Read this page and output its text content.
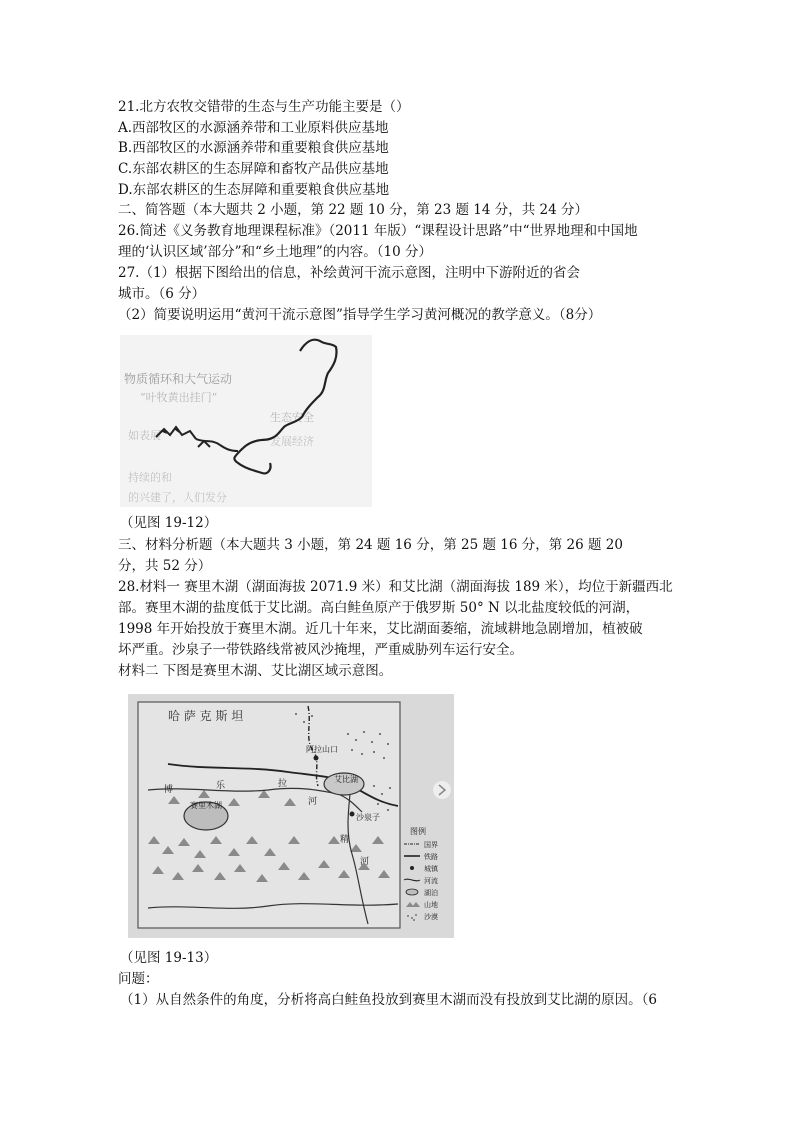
21.北方农牧交错带的生态与生产功能主要是（）
A.西部牧区的水源涵养带和工业原料供应基地
B.西部牧区的水源涵养带和重要粮食供应基地
C.东部农耕区的生态屏障和畜牧产品供应基地
D.东部农耕区的生态屏障和重要粮食供应基地
二、简答题（本大题共 2 小题，第 22 题 10 分，第 23 题 14 分，共 24 分）
26.简述《义务教育地理课程标准》（2011 年版）“课程设计思路”中“世界地理和中国地
理的‘认识区域’部分”和“乡土地理”的内容。（10 分）
27.（1）根据下图给出的信息，补绘黄河干流示意图，注明中下游附近的省会
城市。（6 分）
（2）简要说明运用“黄河干流示意图”指导学生学习黄河概况的教学意义。（8分）
物质循环和大气运动
“叶牧黄出挂门”
生态安全
如表展	发展经济
持续的和
的兴建了，人们发分
（见图 19-12）
三、材料分析题（本大题共 3 小题，第 24 题 16 分，第 25 题 16 分，第 26 题 20
分，共 52 分）
28.材料一 赛里木湖（湖面海拔 2071.9 米）和艾比湖（湖面海拔 189 米），均位于新疆西北
部。赛里木湖的盐度低于艾比湖。高白鲑鱼原产于俄罗斯 50° N 以北盐度较低的河湖，
1998 年开始投放于赛里木湖。近几十年来，艾比湖面萎缩，流域耕地急剧增加，植被破
坏严重。沙泉子一带铁路线常被风沙掩埋，严重威胁列车运行安全。
材料二 下图是赛里木湖、艾比湖区域示意图。
哈 萨 克 斯 坦
阿拉山口
艾比湖
赛里木湖
沙泉子
博	乐
河
拉
精
河
图例
国界
铁路
城镇
河流
湖泊
山地
沙漠
（见图 19-13）
问题：
（1）从自然条件的角度，分析将高白鲑鱼投放到赛里木湖而没有投放到艾比湖的原因。（6
